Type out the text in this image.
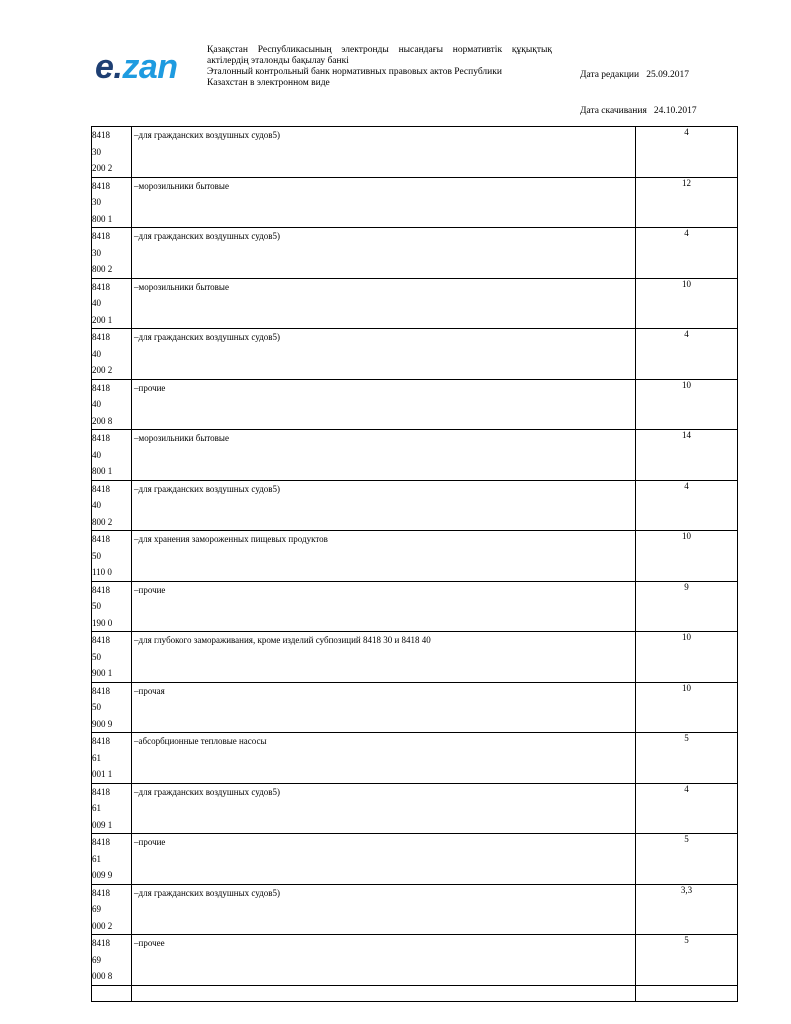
e.zan	Қазақстан Республикасының электронды нысандағы нормативтік құқықтық
актілердің эталонды бақылау банкі
Эталонный контрольный банк нормативных правовых актов Республики
Казахстан в электронном виде

Дата редакции   25.09.2017

Дата скачивания   24.10.2017

8418
30
200 2	–для гражданских воздушных судов5)	4

8418
30
800 1	–морозильники бытовые	12

8418
30
800 2	–для гражданских воздушных судов5)	4

8418
40
200 1	–морозильники бытовые	10

8418
40
200 2	–для гражданских воздушных судов5)	4

8418
40
200 8	–прочие	10

8418
40
800 1	–морозильники бытовые	14

8418
40
800 2	–для гражданских воздушных судов5)	4

8418
50
110 0	–для хранения замороженных пищевых продуктов	10

8418
50
190 0	–прочие	9

8418
50
900 1	–для глубокого замораживания, кроме изделий субпозиций 8418 30 и 8418 40	10

8418
50
900 9	–прочая	10

8418
61
001 1	–абсорбционные тепловые насосы	5

8418
61
009 1	–для гражданских воздушных судов5)	4

8418
61
009 9	–прочие	5

8418
69
000 2	–для гражданских воздушных судов5)	3,3

8418
69
000 8	–прочее	5
